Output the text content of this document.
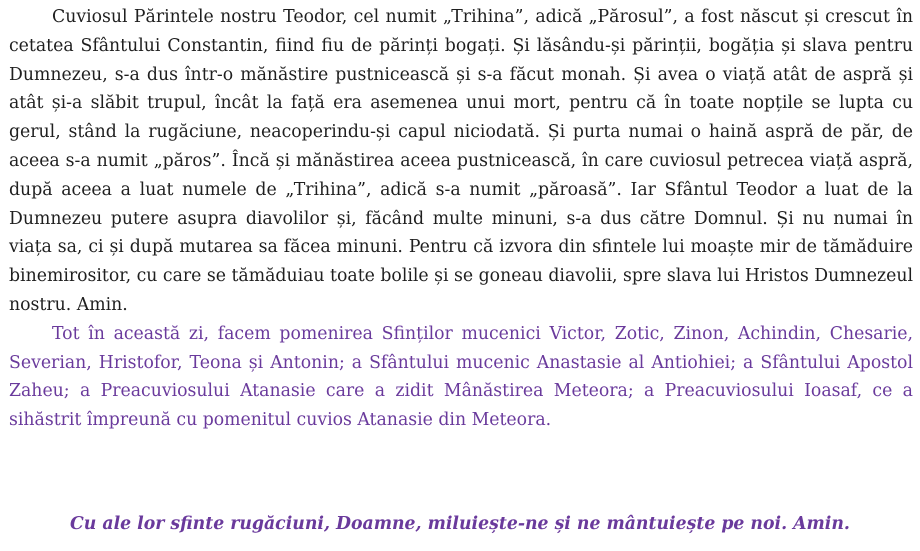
Cuviosul Părintele nostru Teodor, cel numit „Trihina”, adică „Părosul”, a fost născut și crescut în cetatea Sfântului Constantin, fiind fiu de părinți bogați. Și lăsându-și părinții, bogăția și slava pentru Dumnezeu, s-a dus într-o mănăstire pustnicească și s-a făcut monah. Și avea o viață atât de aspră și atât și-a slăbit trupul, încât la față era asemenea unui mort, pentru că în toate nopțile se lupta cu gerul, stând la rugăciune, neacoperindu-și capul niciodată. Și purta numai o haină aspră de păr, de aceea s-a numit „păros”. Încă și mănăstirea aceea pustnicească, în care cuviosul petrecea viață aspră, după aceea a luat numele de „Trihina”, adică s-a numit „păroasă”. Iar Sfântul Teodor a luat de la Dumnezeu putere asupra diavolilor și, făcând multe minuni, s-a dus către Domnul. Și nu numai în viața sa, ci și după mutarea sa făcea minuni. Pentru că izvora din sfintele lui moaște mir de tămăduire binemirositor, cu care se tămăduiau toate bolile și se goneau diavolii, spre slava lui Hristos Dumnezeul nostru. Amin.

Tot în această zi, facem pomenirea Sfinților mucenici Victor, Zotic, Zinon, Achindin, Chesarie, Severian, Hristofor, Teona și Antonin; a Sfântului mucenic Anastasie al Antiohiei; a Sfântului Apostol Zaheu; a Preacuviosului Atanasie care a zidit Mânăstirea Meteora; a Preacuviosului Ioasaf, ce a sihăstrit împreună cu pomenitul cuvios Atanasie din Meteora.

Cu ale lor sfinte rugăciuni, Doamne, miluiește-ne și ne mântuiește pe noi. Amin.
